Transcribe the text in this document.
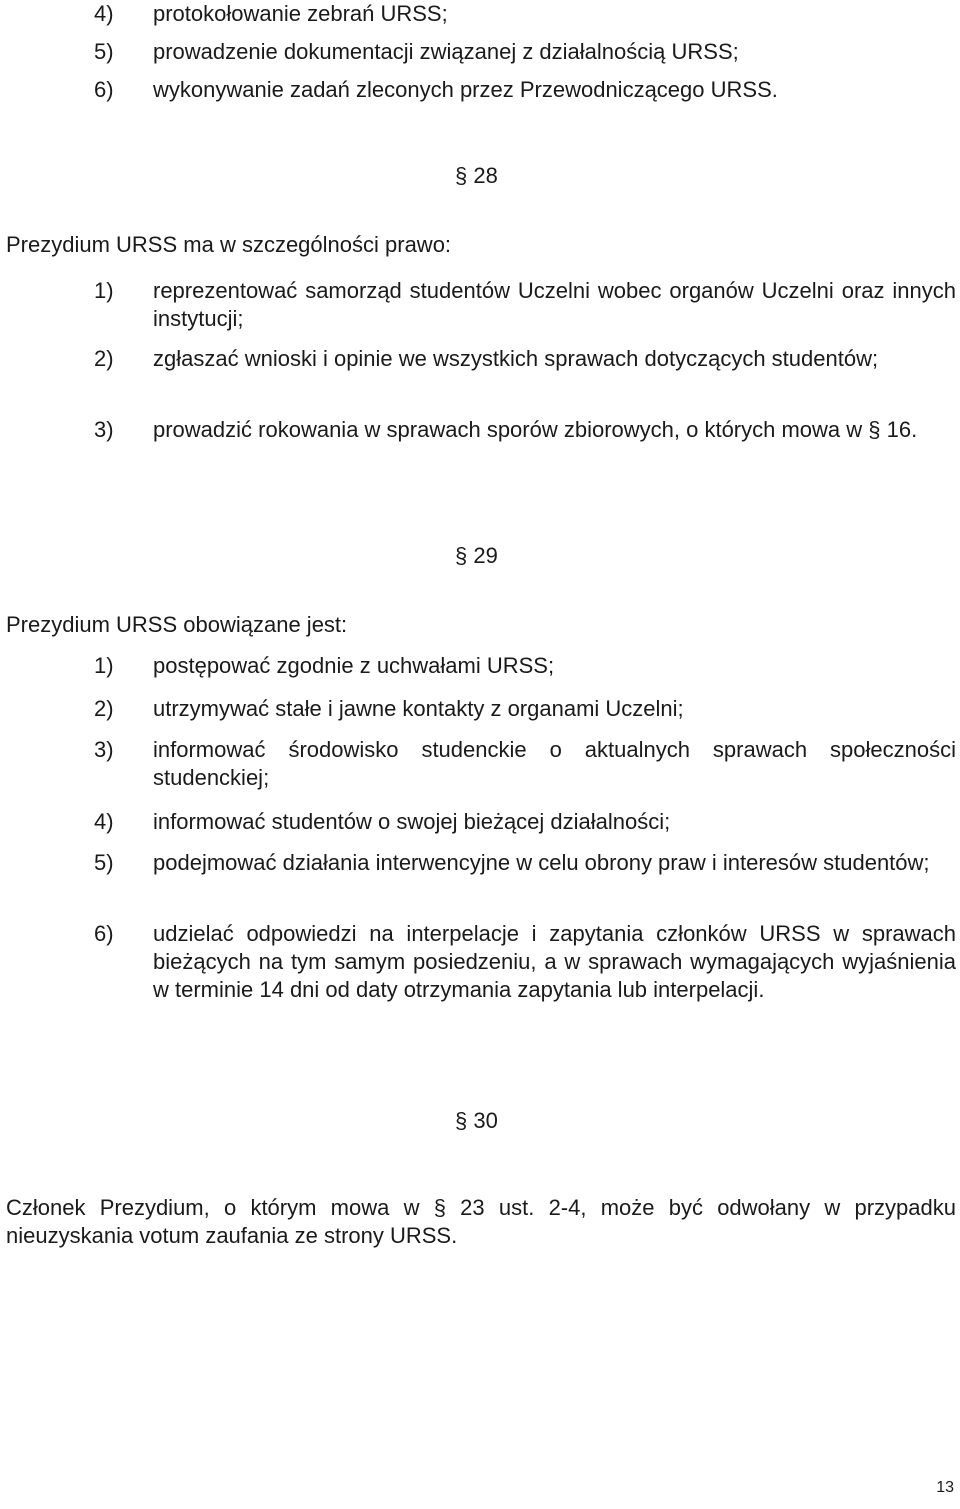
4) protokołowanie zebrań URSS;
5) prowadzenie dokumentacji związanej z działalnością URSS;
6) wykonywanie zadań zleconych przez Przewodniczącego URSS.
§ 28
Prezydium URSS ma w szczególności prawo:
1) reprezentować samorząd studentów Uczelni wobec organów Uczelni oraz innych instytucji;
2) zgłaszać wnioski i opinie we wszystkich sprawach dotyczących studentów;
3) prowadzić rokowania w sprawach sporów zbiorowych, o których mowa w § 16.
§ 29
Prezydium URSS obowiązane jest:
1) postępować zgodnie z uchwałami URSS;
2) utrzymywać stałe i jawne kontakty z organami Uczelni;
3) informować środowisko studenckie o aktualnych sprawach społeczności studenckiej;
4) informować studentów o swojej bieżącej działalności;
5) podejmować działania interwencyjne w celu obrony praw i interesów studentów;
6) udzielać odpowiedzi na interpelacje i zapytania członków URSS w sprawach bieżących na tym samym posiedzeniu, a w sprawach wymagających wyjaśnienia w terminie 14 dni od daty otrzymania zapytania lub interpelacji.
§ 30
Członek Prezydium, o którym mowa w § 23 ust. 2-4, może być odwołany w przypadku nieuzyskania votum zaufania ze strony URSS.
13
